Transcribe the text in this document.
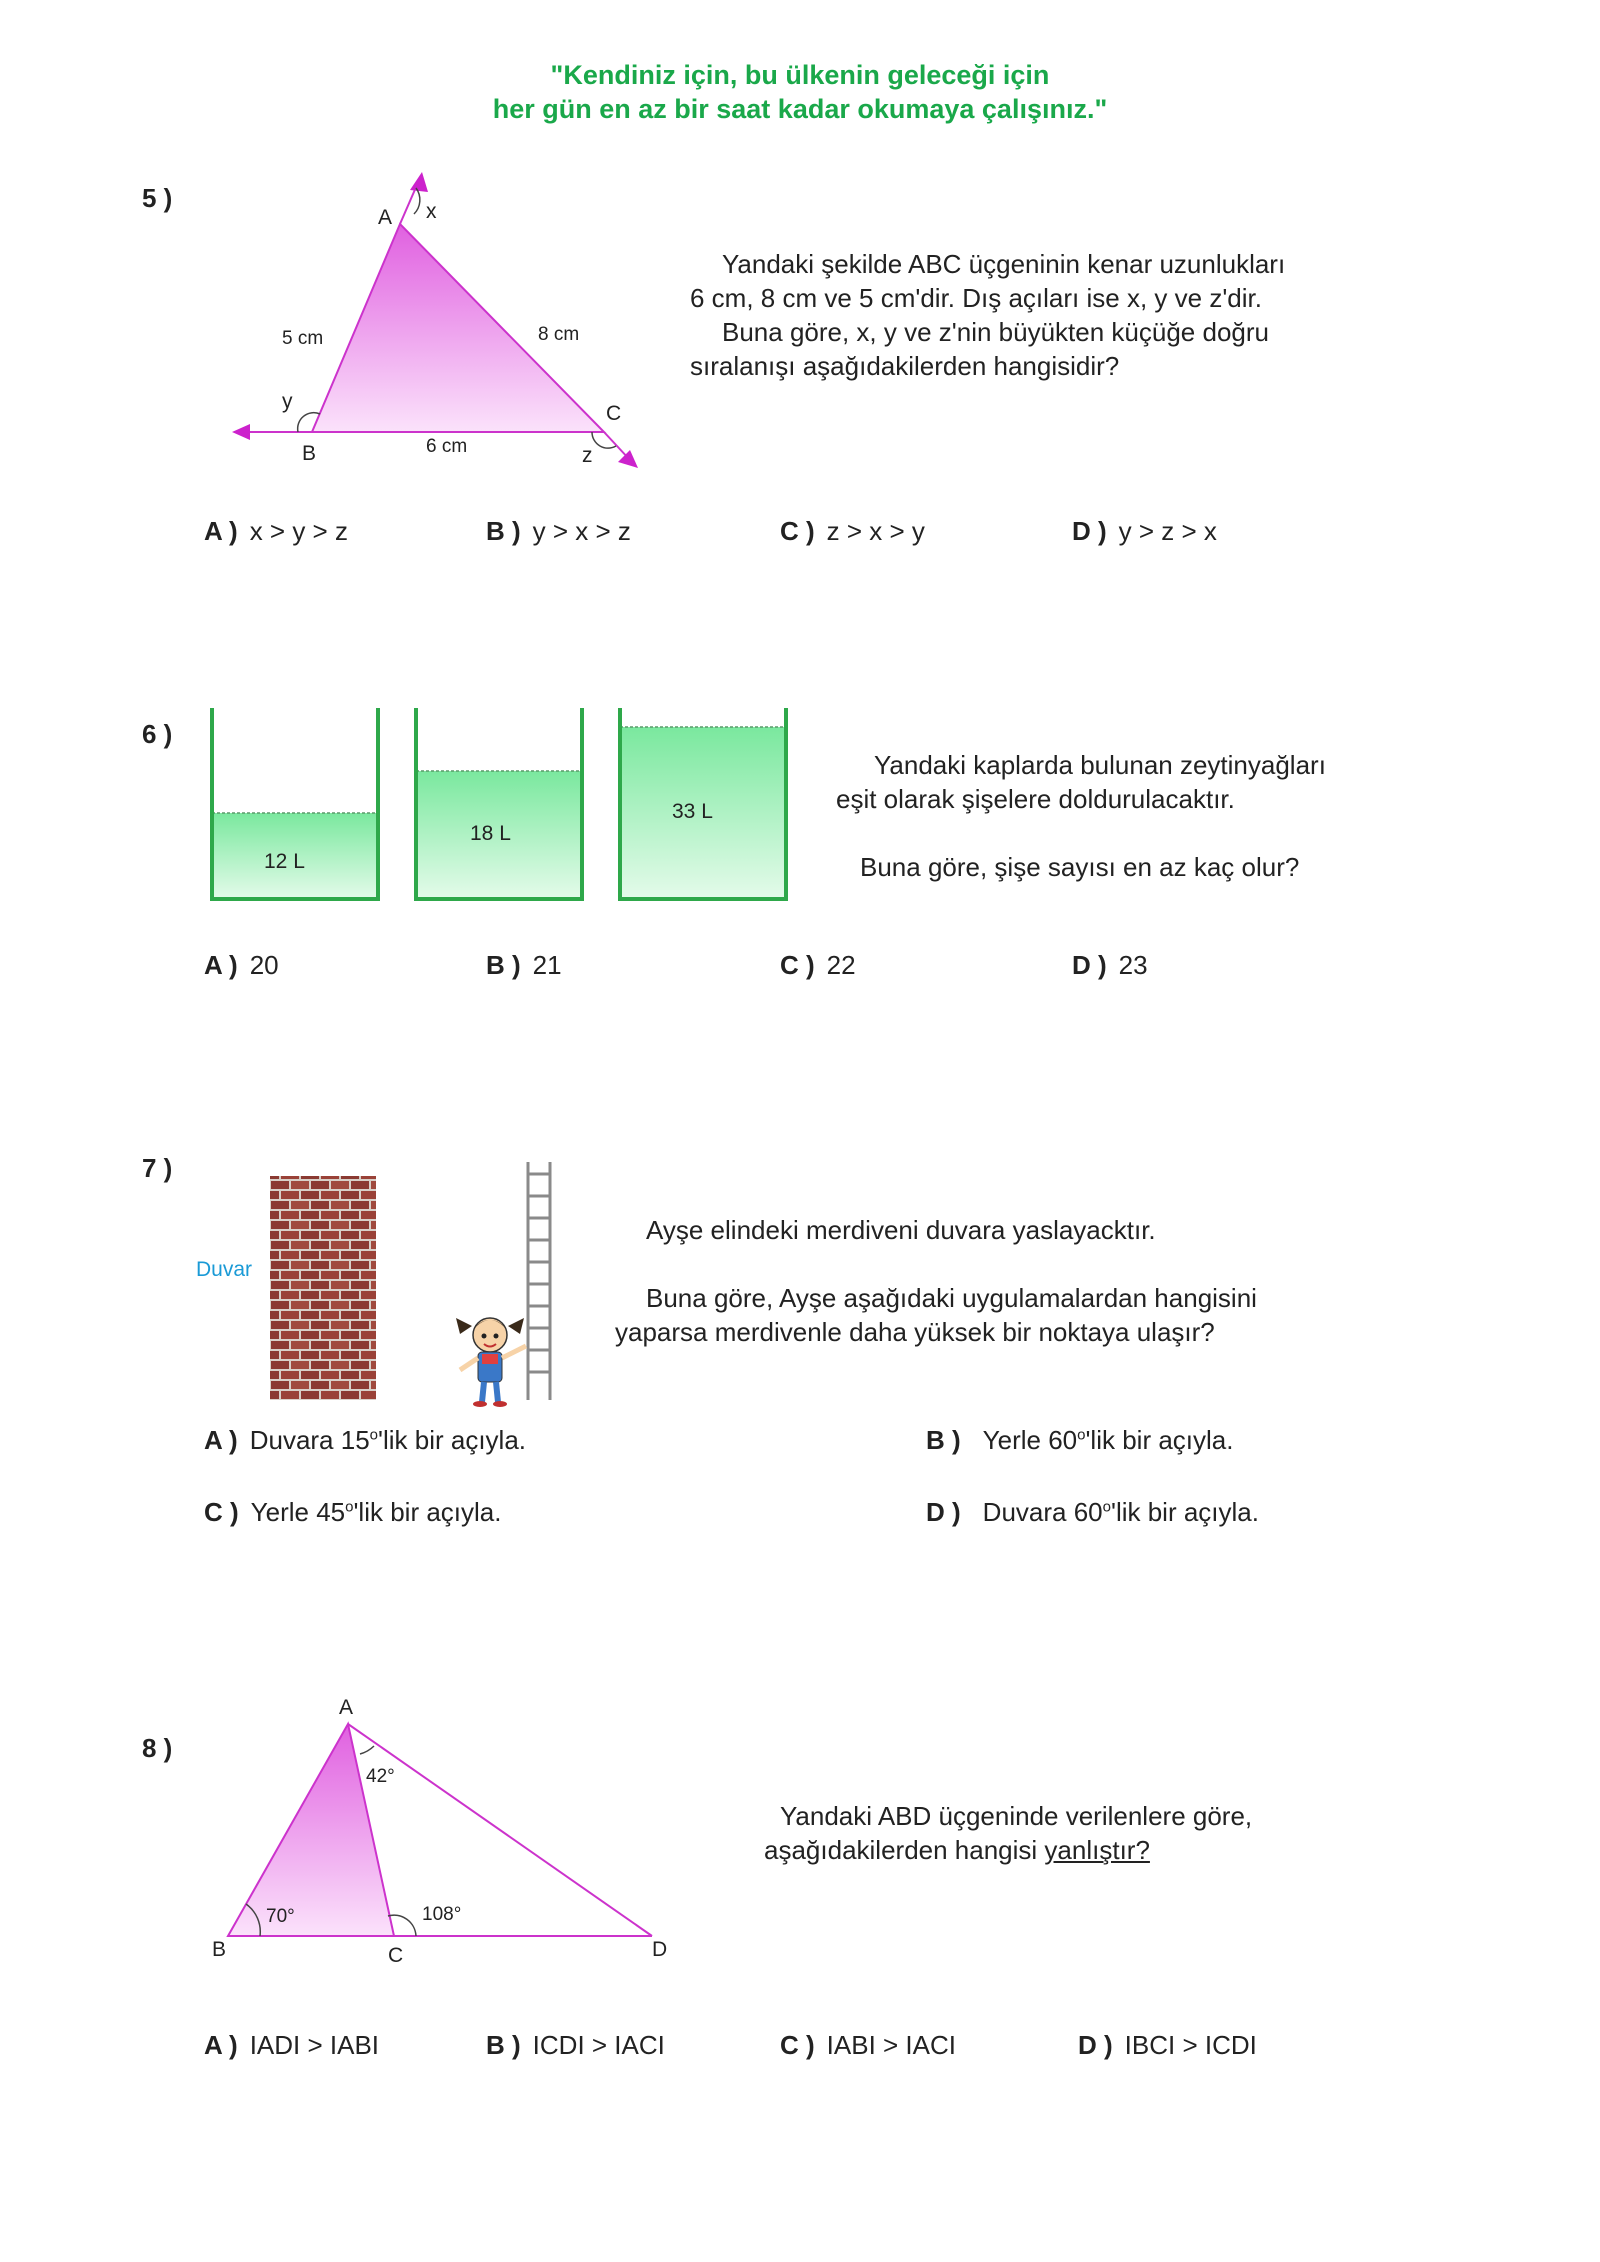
"Kendiniz için, bu ülkenin geleceği için
her gün en az bir saat kadar okumaya çalışınız."
5 )
A x
y
B
C
z
5 cm	8 cm
6 cm

Yandaki şekilde ABC üçgeninin kenar uzunlukları

6 cm, 8 cm ve 5 cm'dir. Dış açıları ise x, y ve z'dir.

Buna göre, x, y ve z'nin büyükten küçüğe doğru

sıralanışı aşağıdakilerden hangisidir?

A ) x > y > z	B ) y > x > z	C ) z > x > y	D ) y > z > x
6 )
12 L
18 L
33 L

Yandaki kaplarda bulunan zeytinyağları

eşit olarak şişelere doldurulacaktır.

Buna göre, şişe sayısı en az kaç olur?

A ) 20	B ) 21	C ) 22	D ) 23
7 )
Duvar

Ayşe elindeki merdiveni duvara yaslayacktır.

Buna göre, Ayşe aşağıdaki uygulamalardan hangisini

yaparsa merdivenle daha yüksek bir noktaya ulaşır?

A ) Duvara 15$^o$'lik bir açıyla.	B ) Yerle 60$^o$'lik bir açıyla.
C ) Yerle 45$^o$'lik bir açıyla.	D ) Duvara 60$^o$'lik bir açıyla.
8 )
A
B	C	D
42°
70°	108°

Yandaki ABD üçgeninde verilenlere göre,

aşağıdakilerden hangisi yanlıştır?

A ) IADI > IABI	B ) ICDI > IACI	C ) IABI > IACI	D ) IBCI > ICDI
